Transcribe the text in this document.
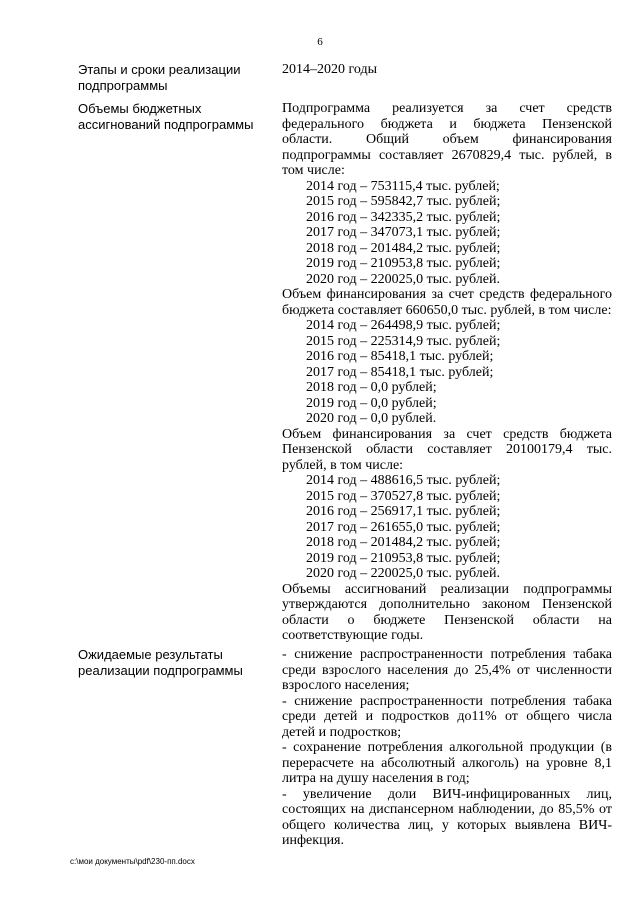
6
Этапы и сроки реализации подпрограммы
2014–2020 годы
Объемы бюджетных ассигнований подпрограммы
Подпрограмма реализуется за счет средств федерального бюджета и бюджета Пензенской области. Общий объем финансирования подпрограммы составляет 2670829,4 тыс. рублей, в том числе:
2014 год – 753115,4 тыс. рублей;
2015 год – 595842,7 тыс. рублей;
2016 год – 342335,2 тыс. рублей;
2017 год – 347073,1 тыс. рублей;
2018 год – 201484,2 тыс. рублей;
2019 год – 210953,8 тыс. рублей;
2020 год – 220025,0 тыс. рублей.
Объем финансирования за счет средств федерального бюджета составляет 660650,0 тыс. рублей, в том числе:
2014 год – 264498,9 тыс. рублей;
2015 год – 225314,9 тыс. рублей;
2016 год – 85418,1 тыс. рублей;
2017 год – 85418,1 тыс. рублей;
2018 год – 0,0 рублей;
2019 год – 0,0 рублей;
2020 год – 0,0 рублей.
Объем финансирования за счет средств бюджета Пензенской области составляет 20100179,4 тыс. рублей, в том числе:
2014 год – 488616,5 тыс. рублей;
2015 год – 370527,8 тыс. рублей;
2016 год – 256917,1 тыс. рублей;
2017 год – 261655,0 тыс. рублей;
2018 год – 201484,2 тыс. рублей;
2019 год – 210953,8 тыс. рублей;
2020 год – 220025,0 тыс. рублей.
Объемы ассигнований реализации подпрограммы утверждаются дополнительно законом Пензенской области о бюджете Пензенской области на соответствующие годы.
Ожидаемые результаты реализации подпрограммы
- снижение распространенности потребления табака среди взрослого населения до 25,4% от численности взрослого населения;
- снижение распространенности потребления табака среди детей и подростков до11% от общего числа детей и подростков;
- сохранение потребления алкогольной продукции (в перерасчете на абсолютный алкоголь) на уровне 8,1 литра на душу населения в год;
- увеличение доли ВИЧ-инфицированных лиц, состоящих на диспансерном наблюдении, до 85,5% от общего количества лиц, у которых выявлена ВИЧ-инфекция.
c:\мои документы\pdf\230-пп.docx
